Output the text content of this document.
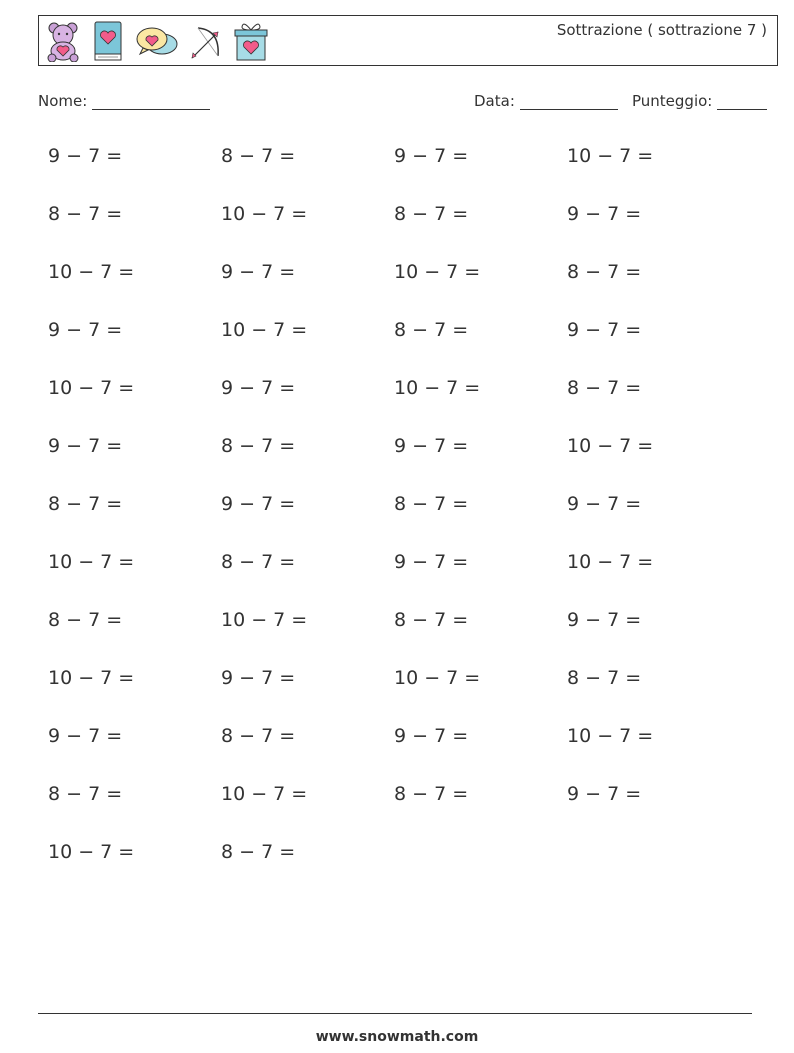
Sottrazione ( sottrazione 7 )
Nome:	Data:	Punteggio:
9 − 7 =	8 − 7 =	9 − 7 =	10 − 7 =
8 − 7 =	10 − 7 =	8 − 7 =	9 − 7 =
10 − 7 =	9 − 7 =	10 − 7 =	8 − 7 =
9 − 7 =	10 − 7 =	8 − 7 =	9 − 7 =
10 − 7 =	9 − 7 =	10 − 7 =	8 − 7 =
9 − 7 =	8 − 7 =	9 − 7 =	10 − 7 =
8 − 7 =	9 − 7 =	8 − 7 =	9 − 7 =
10 − 7 =	8 − 7 =	9 − 7 =	10 − 7 =
8 − 7 =	10 − 7 =	8 − 7 =	9 − 7 =
10 − 7 =	9 − 7 =	10 − 7 =	8 − 7 =
9 − 7 =	8 − 7 =	9 − 7 =	10 − 7 =
8 − 7 =	10 − 7 =	8 − 7 =	9 − 7 =
10 − 7 =	8 − 7 =
www.snowmath.com
